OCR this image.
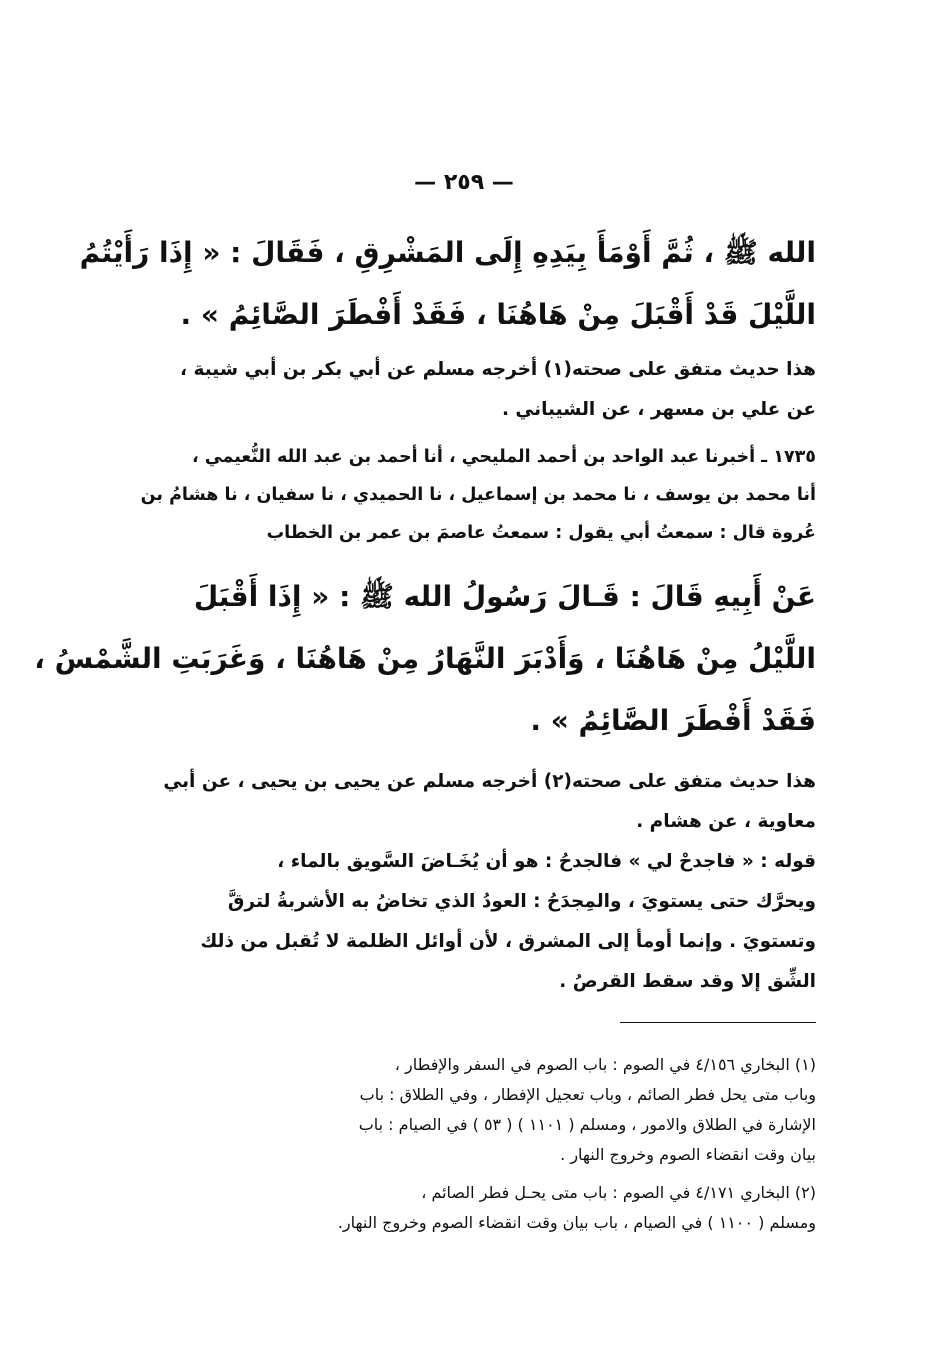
— ٢٥٩ —
الله ﷺ ، ثُمَّ أَوْمَأَ بِيَدِهِ إِلَى المَشْرِقِ ، فَقَالَ : « إِذَا رَأَيْتُمُ
اللَّيْلَ قَدْ أَقْبَلَ مِنْ هَاهُنَا ، فَقَدْ أَفْطَرَ الصَّائِمُ » .
هذا حديث متفق على صحته(١) أخرجه مسلم عن أبي بكر بن أبي شيبة ،
عن علي بن مسهر ، عن الشيباني .
١٧٣٥ ـ أخبرنا عبد الواحد بن أحمد المليحي ، أنا أحمد بن عبد الله النُّعيمي ،
أنا محمد بن يوسف ، نا محمد بن إسماعيل ، نا الحميدي ، نا سفيان ، نا هشامُ بن
عُروة قال : سمعتُ أبي يقول : سمعتُ عاصمَ بن عمر بن الخطاب
عَنْ أَبِيهِ قَالَ : قَـالَ رَسُولُ الله ﷺ : « إِذَا أَقْبَلَ
اللَّيْلُ مِنْ هَاهُنَا ، وَأَدْبَرَ النَّهَارُ مِنْ هَاهُنَا ، وَغَرَبَتِ الشَّمْسُ ،
فَقَدْ أَفْطَرَ الصَّائِمُ » .
هذا حديث متفق على صحته(٢) أخرجه مسلم عن يحيى بن يحيى ، عن أبي
معاوية ، عن هشام .
قوله : « فاجدحْ لي » فالجدحُ : هو أن يُخَـاضَ السَّويق بالماء ،
ويحرَّك حتى يستويَ ، والمِجدَحُ : العودُ الذي تخاضُ به الأشربةُ لترقَّ
وتستويَ . وإنما أومأ إلى المشرق ، لأن أوائل الظلمة لا تُقبل من ذلك
الشِّق إلا وقد سقط القرصُ .
(١) البخاري ٤/١٥٦ في الصوم : باب الصوم في السفر والإفطار ،
وباب متى يحل فطر الصائم ، وباب تعجيل الإفطار ، وفي الطلاق : باب
الإشارة في الطلاق والامور ، ومسلم ( ١١٠١ ) ( ٥٣ ) في الصيام : باب
بيان وقت انقضاء الصوم وخروج النهار .
(٢) البخاري ٤/١٧١ في الصوم : باب متى يحـل فطر الصائم ،
ومسلم ( ١١٠٠ ) في الصيام ، باب بيان وقت انقضاء الصوم وخروج النهار.
